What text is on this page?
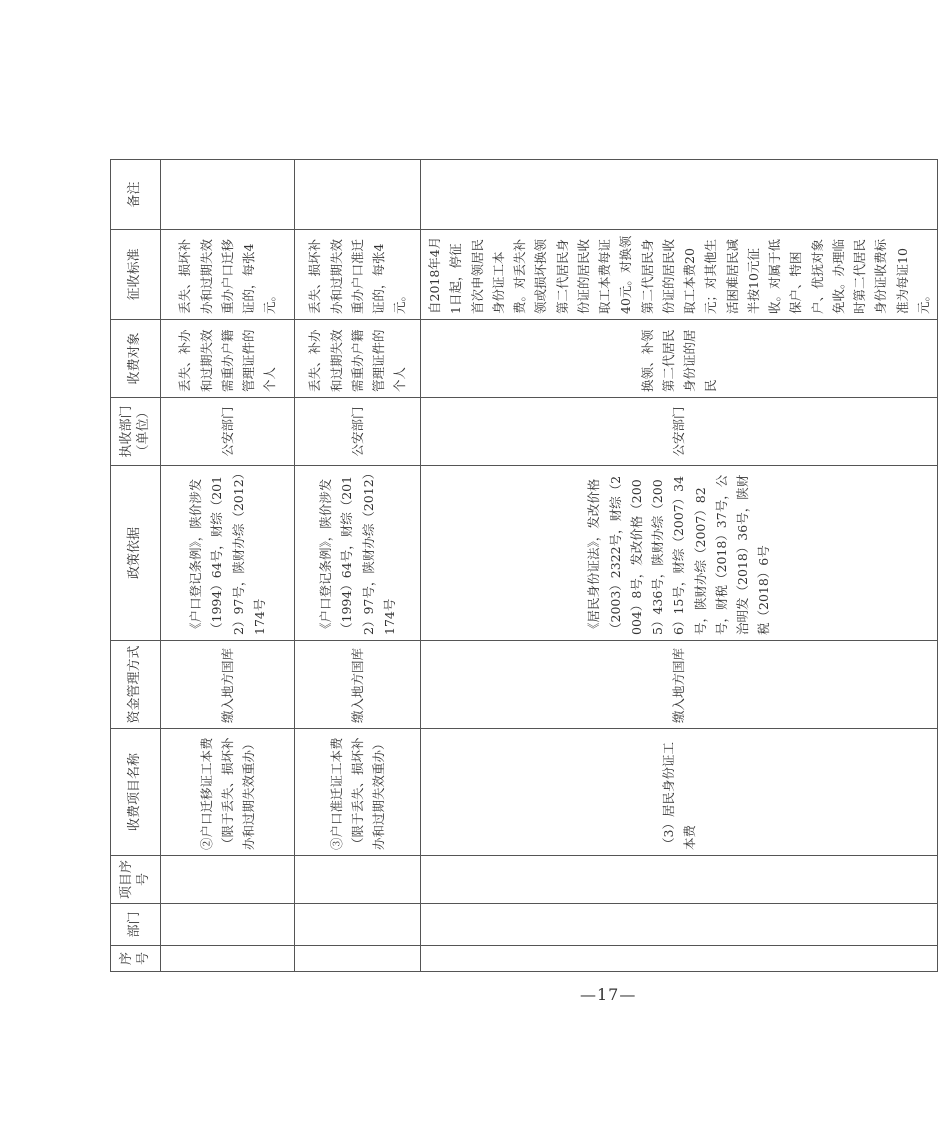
序号	部门	项目序号	收费项目名称	资金管理方式	政策依据	执收部门（单位）	收费对象	征收标准	备注
			②户口迁移证工本费（限于丢失、损坏补办和过期失效重办）	缴入地方国库	《户口登记条例》，陕价涉发（1994）64号，财综（2012）97号，陕财办综（2012）174号	公安部门	丢失、补办和过期失效需重办户籍管理证件的个人	丢失、损坏补办和过期失效重办户口迁移证的，每张4元。	
			③户口准迁证工本费（限于丢失、损坏补办和过期失效重办）	缴入地方国库	《户口登记条例》，陕价涉发（1994）64号，财综（2012）97号，陕财办综（2012）174号	公安部门	丢失、补办和过期失效需重办户籍管理证件的个人	丢失、损坏补办和过期失效重办户口准迁证的，每张4元。	
			（3）居民身份证工本费	缴入地方国库	《居民身份证法》，发改价格（2003）2322号，财综（2004）8号，发改价格（2005）436号，陕财办综（2006）15号，财综（2007）34号，陕财办综（2007）82号，财税（2018）37号，公治明发（2018）36号，陕财税（2018）6号	公安部门	换领、补领第二代居民身份证的居民	自2018年4月1日起，停征首次申领居民身份证工本费。对丢失补领或损坏换领第二代居民身份证的居民收取工本费每证40元。对换领第二代居民身份证的居民收取工本费20元；对其他生活困难居民减半按10元征收。对属于低保户、特困户、优抚对象免收。办理临时第二代居民身份证收费标准为每证10元。	
—17—
